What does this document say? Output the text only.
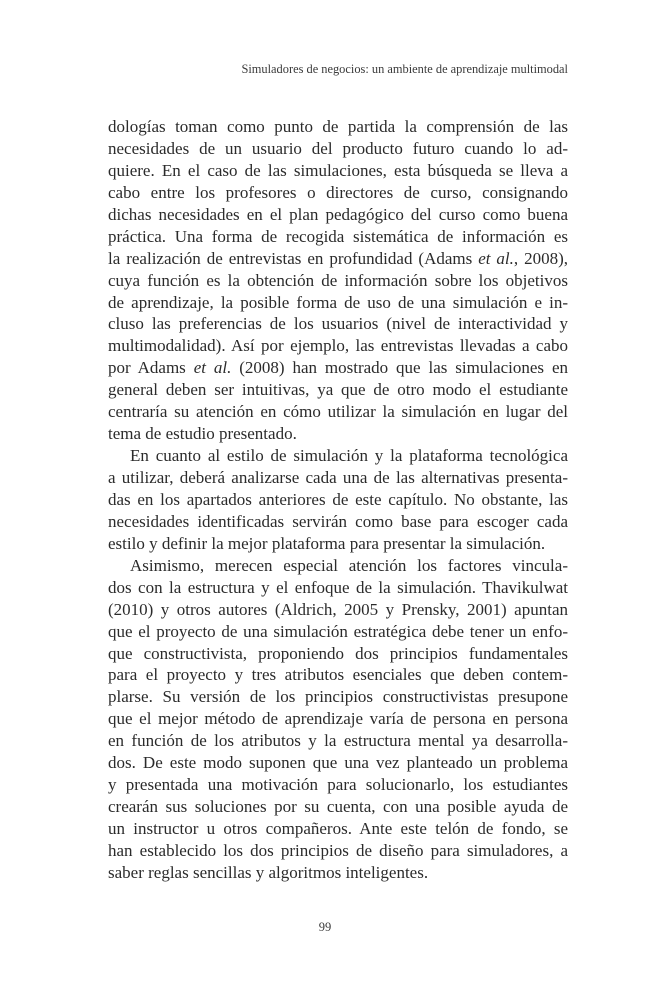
Simuladores de negocios: un ambiente de aprendizaje multimodal
dologías toman como punto de partida la comprensión de las
necesidades de un usuario del producto futuro cuando lo ad-
quiere. En el caso de las simulaciones, esta búsqueda se lleva a
cabo entre los profesores o directores de curso, consignando
dichas necesidades en el plan pedagógico del curso como buena
práctica. Una forma de recogida sistemática de información es
la realización de entrevistas en profundidad (Adams et al., 2008),
cuya función es la obtención de información sobre los objetivos
de aprendizaje, la posible forma de uso de una simulación e in-
cluso las preferencias de los usuarios (nivel de interactividad y
multimodalidad). Así por ejemplo, las entrevistas llevadas a cabo
por Adams et al. (2008) han mostrado que las simulaciones en
general deben ser intuitivas, ya que de otro modo el estudiante
centraría su atención en cómo utilizar la simulación en lugar del
tema de estudio presentado.
En cuanto al estilo de simulación y la plataforma tecnológica
a utilizar, deberá analizarse cada una de las alternativas presenta-
das en los apartados anteriores de este capítulo. No obstante, las
necesidades identificadas servirán como base para escoger cada
estilo y definir la mejor plataforma para presentar la simulación.
Asimismo, merecen especial atención los factores vincula-
dos con la estructura y el enfoque de la simulación. Thavikulwat
(2010) y otros autores (Aldrich, 2005 y Prensky, 2001) apuntan
que el proyecto de una simulación estratégica debe tener un enfo-
que constructivista, proponiendo dos principios fundamentales
para el proyecto y tres atributos esenciales que deben contem-
plarse. Su versión de los principios constructivistas presupone
que el mejor método de aprendizaje varía de persona en persona
en función de los atributos y la estructura mental ya desarrolla-
dos. De este modo suponen que una vez planteado un problema
y presentada una motivación para solucionarlo, los estudiantes
crearán sus soluciones por su cuenta, con una posible ayuda de
un instructor u otros compañeros. Ante este telón de fondo, se
han establecido los dos principios de diseño para simuladores, a
saber reglas sencillas y algoritmos inteligentes.
99
